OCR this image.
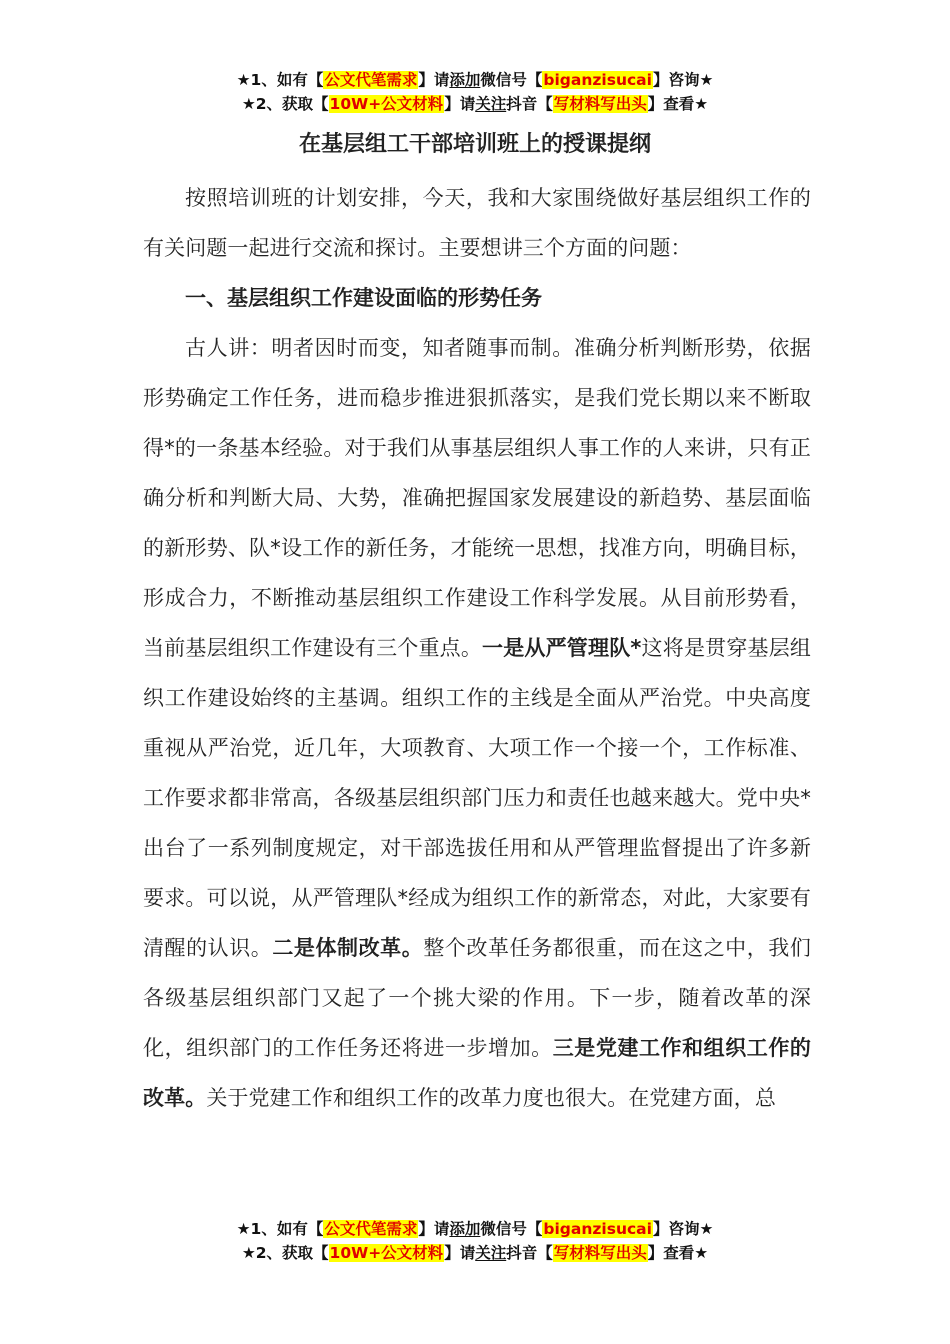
★1、如有【公文代笔需求】请添加微信号【biganzisucai】咨询★
★2、获取【10W+公文材料】请关注抖音【写材料写出头】查看★
在基层组工干部培训班上的授课提纲

按照培训班的计划安排，今天，我和大家围绕做好基层组织工作的有关问题一起进行交流和探讨。主要想讲三个方面的问题：

一、基层组织工作建设面临的形势任务

古人讲：明者因时而变，知者随事而制。准确分析判断形势，依据形势确定工作任务，进而稳步推进狠抓落实，是我们党长期以来不断取得*的一条基本经验。对于我们从事基层组织人事工作的人来讲，只有正确分析和判断大局、大势，准确把握国家发展建设的新趋势、基层面临的新形势、队*设工作的新任务，才能统一思想，找准方向，明确目标，形成合力，不断推动基层组织工作建设工作科学发展。从目前形势看，当前基层组织工作建设有三个重点。一是从严管理队*这将是贯穿基层组织工作建设始终的主基调。组织工作的主线是全面从严治党。中央高度重视从严治党，近几年，大项教育、大项工作一个接一个，工作标准、工作要求都非常高，各级基层组织部门压力和责任也越来越大。党中央*出台了一系列制度规定，对干部选拔任用和从严管理监督提出了许多新要求。可以说，从严管理队*经成为组织工作的新常态，对此，大家要有清醒的认识。二是体制改革。整个改革任务都很重，而在这之中，我们各级基层组织部门又起了一个挑大梁的作用。下一步，随着改革的深化，组织部门的工作任务还将进一步增加。三是党建工作和组织工作的改革。关于党建工作和组织工作的改革力度也很大。在党建方面，总

★1、如有【公文代笔需求】请添加微信号【biganzisucai】咨询★
★2、获取【10W+公文材料】请关注抖音【写材料写出头】查看★
